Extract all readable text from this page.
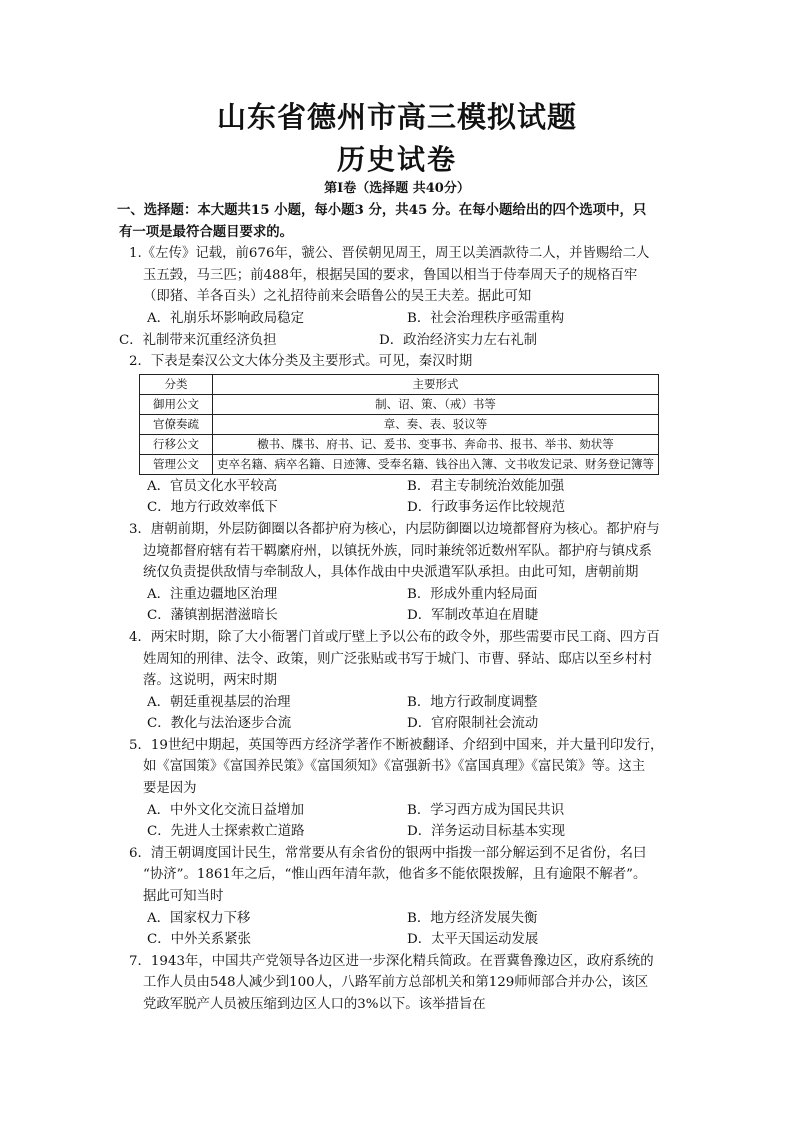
山东省德州市高三模拟试题
历史试卷
第Ⅰ卷（选择题 共40分）
一、选择题：本大题共15 小题，每小题3 分，共45 分。在每小题给出的四个选项中，只
有一项是最符合题目要求的。
1.《左传》记载，前676年，虢公、晋侯朝见周王，周王以美酒款待二人，并皆赐给二人
玉五瑴，马三匹；前488年，根据吴国的要求，鲁国以相当于侍奉周天子的规格百牢
（即猪、羊各百头）之礼招待前来会晤鲁公的吴王夫差。据此可知
A．礼崩乐坏影响政局稳定	B．社会治理秩序亟需重构
C．礼制带来沉重经济负担	D．政治经济实力左右礼制
2．下表是秦汉公文大体分类及主要形式。可见，秦汉时期
分类	主要形式
御用公文	制、诏、策、（戒）书等
官僚奏疏	章、奏、表、驳议等
行移公文	檄书、牒书、府书、记、爰书、变事书、奔命书、报书、举书、劾状等
管理公文	吏卒名籍、病卒名籍、日迹簿、受奉名籍、钱谷出入簿、文书收发记录、财务登记簿等
A．官员文化水平较高	B．君主专制统治效能加强
C．地方行政效率低下	D．行政事务运作比较规范
3．唐朝前期，外层防御圈以各都护府为核心，内层防御圈以边境都督府为核心。都护府与
边境都督府辖有若干羁縻府州，以镇抚外族，同时兼统邻近数州军队。都护府与镇戍系
统仅负责提供敌情与牵制敌人，具体作战由中央派遣军队承担。由此可知，唐朝前期
A．注重边疆地区治理	B．形成外重内轻局面
C．藩镇割据潜滋暗长	D．军制改革迫在眉睫
4．两宋时期，除了大小衙署门首或厅壁上予以公布的政令外，那些需要市民工商、四方百
姓周知的刑律、法令、政策，则广泛张贴或书写于城门、市曹、驿站、邸店以至乡村村
落。这说明，两宋时期
A．朝廷重视基层的治理	B．地方行政制度调整
C．教化与法治逐步合流	D．官府限制社会流动
5．19世纪中期起，英国等西方经济学著作不断被翻译、介绍到中国来，并大量刊印发行，
如《富国策》《富国养民策》《富国须知》《富强新书》《富国真理》《富民策》等。这主
要是因为
A．中外文化交流日益增加	B．学习西方成为国民共识
C．先进人士探索救亡道路	D．洋务运动目标基本实现
6．清王朝调度国计民生，常常要从有余省份的银两中指拨一部分解运到不足省份，名曰
“协济”。1861年之后，“惟山西年清年款，他省多不能依限拨解，且有逾限不解者”。
据此可知当时
A．国家权力下移	B．地方经济发展失衡
C．中外关系紧张	D．太平天国运动发展
7．1943年，中国共产党领导各边区进一步深化精兵简政。在晋冀鲁豫边区，政府系统的
工作人员由548人减少到100人，八路军前方总部机关和第129师师部合并办公，该区
党政军脱产人员被压缩到边区人口的3%以下。该举措旨在
